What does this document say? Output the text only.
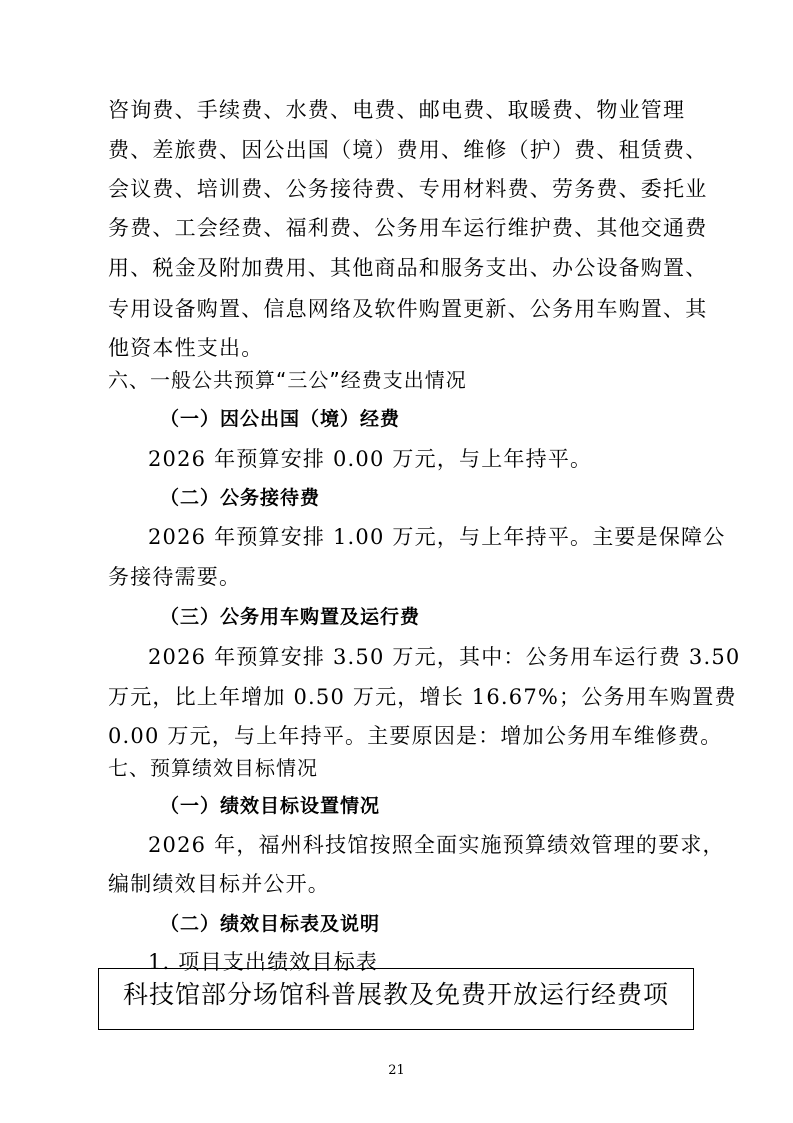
咨询费、手续费、水费、电费、邮电费、取暖费、物业管理
费、差旅费、因公出国（境）费用、维修（护）费、租赁费、
会议费、培训费、公务接待费、专用材料费、劳务费、委托业
务费、工会经费、福利费、公务用车运行维护费、其他交通费
用、税金及附加费用、其他商品和服务支出、办公设备购置、
专用设备购置、信息网络及软件购置更新、公务用车购置、其
他资本性支出。
六、一般公共预算“三公”经费支出情况
（一）因公出国（境）经费
2026 年预算安排 0.00 万元，与上年持平。
（二）公务接待费
2026 年预算安排 1.00 万元，与上年持平。主要是保障公
务接待需要。
（三）公务用车购置及运行费
2026 年预算安排 3.50 万元，其中：公务用车运行费 3.50
万元，比上年增加 0.50 万元，增长 16.67%；公务用车购置费
0.00 万元，与上年持平。主要原因是：增加公务用车维修费。
七、预算绩效目标情况
（一）绩效目标设置情况
2026 年，福州科技馆按照全面实施预算绩效管理的要求，
编制绩效目标并公开。
（二）绩效目标表及说明
1. 项目支出绩效目标表
科技馆部分场馆科普展教及免费开放运行经费项
21
